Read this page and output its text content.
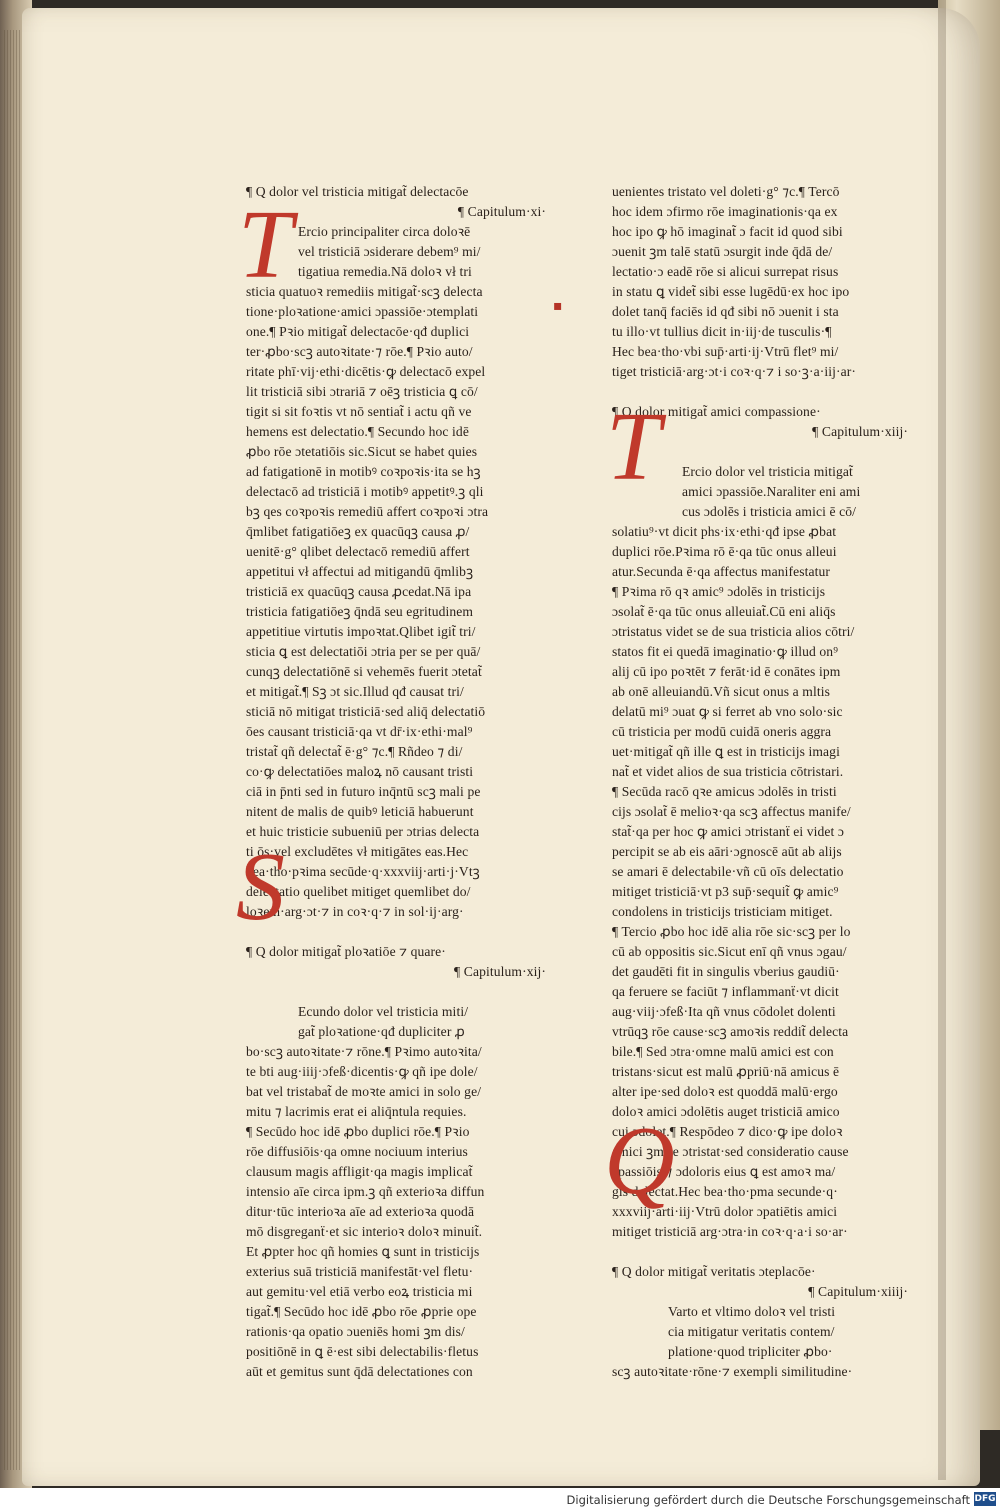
¶ Q dolor vel tristicia mitigat̃ delectacōe
¶ Capitulum·xi·
Ercio principaliter circa doloꝛē
vel tristiciā ɔsiderare debem⁹ mi/
tigatiua remedia.Nā doloꝛ vł tri
sticia quatuoꝛ remediis mitigat̃·scꝫ delecta
tione·ploꝛatione·amici ɔpassiōe·ɔtemplati
one.¶ Pꝛio mitigat̃ delectacōe·qđ duplici
ter·ꝓbo·scꝫ autoꝛitate·⁊ rōe.¶ Pꝛio auto/
ritate phī·vij·ethi·dicētis·ꝙ delectacō expel
lit tristiciā sibi ɔtrariā ⁊ oēꝫ tristicia ꝗ cō/
tigit si sit foꝛtis vt nō sentiat̃ i actu qñ ve
hemens est delectatio.¶ Secundo hoc idē
ꝓbo rōe ɔtetatiōis sic.Sicut se habet quies
ad fatigationē in motibꝰ coꝛpoꝛis·ita se hꝫ
delectacō ad tristiciā i motibꝰ appetitꝰ.ꝫ qli
bꝫ qes coꝛpoꝛis remediū affert coꝛpoꝛi ɔtra
q̄mlibet fatigatiōeꝫ ex quacūqꝫ causa ꝓ/
uenitē·g° qlibet delectacō remediū affert
appetitui vł affectui ad mitigandū q̄mlibꝫ
tristiciā ex quacūqꝫ causa ꝓcedat.Nā ipa
tristicia fatigatiōeꝫ q̄ndā seu egritudinem
appetitiue virtutis impoꝛtat.Qlibet igit̃ tri/
sticia ꝗ est delectatiōi ɔtria per se per quā/
cunqꝫ delectatiōnē si vehemēs fuerit ɔtetat̃
et mitigat̃.¶ Sꝫ ɔt sic.Illud qđ causat tri/
sticiā nō mitigat tristiciā·sed aliq̄ delectatiō
ōes causant tristiciā·qa vt dr̄·ix·ethi·mal⁹
tristat̃ qñ delectat̃ ē·g° ⁊c.¶ Rñdeo ⁊ di/
co·ꝙ delectatiōes maloꝝ nō causant tristi
ciā in p̄nti sed in futuro inq̄ntū scꝫ mali pe
nitent de malis de quibꝰ leticiā habuerunt
et huic tristicie subueniū per ɔtrias delecta
ti ōs·vel excludētes vł mitigātes eas.Hec
bea·tho·pꝛima secūde·q·xxxviij·arti·j·Vtꝫ
delectatio quelibet mitiget quemlibet do/
loꝛem·arg·ɔt·⁊ in coꝛ·q·⁊ in sol·ij·arg·
¶ Q dolor mitigat̃ ploꝛatiōe ⁊ quare·
¶ Capitulum·xij·
Ecundo dolor vel tristicia miti/
gat̃ ploꝛatione·qđ dupliciter ꝓ
bo·scꝫ autoꝛitate·⁊ rōne.¶ Pꝛimo autoꝛita/
te bti aug·iiij·ɔfeß·dicentis·ꝙ qñ ipe dole/
bat vel tristabat̃ de moꝛte amici in solo ge/
mitu ⁊ lacrimis erat ei aliq̄ntula requies.
¶ Secūdo hoc idē ꝓbo duplici rōe.¶ Pꝛio
rōe diffusiōis·qa omne nociuum interius
clausum magis affligit·qa magis implicat̃
intensio aīe circa ipm.ꝫ qñ exterioꝛa diffun
ditur·tūc interioꝛa aīe ad exterioꝛa quodā
mō disgreganẗ·et sic interioꝛ doloꝛ minuit̃.
Et ꝓpter hoc qñ homies ꝗ sunt in tristicijs
exterius suā tristiciā manifestāt·vel fletu·
aut gemitu·vel etiā verbo eoꝝ tristicia mi
tigat̃.¶ Secūdo hoc idē ꝓbo rōe ꝓprie ope
rationis·qa opatio ɔueniēs homi ꝫm dis/
positiōnē in ꝗ ē·est sibi delectabilis·fletus
aūt et gemitus sunt q̄dā delectationes con
uenientes tristato vel doleti·g° ⁊c.¶ Tercō
hoc idem ɔfirmo rōe imaginationis·qa ex
hoc ipo ꝙ hō imaginat̃ ɔ facit id quod sibi
ɔuenit ꝫm talē statū ɔsurgit inde q̄dā de/
lectatio·ɔ eadē rōe si alicui surrepat risus
in statu ꝗ videt̃ sibi esse lugēdū·ex hoc ipo
dolet tanq̄ faciēs id qđ sibi nō ɔuenit i sta
tu illo·vt tullius dicit in·iij·de tusculis·¶
Hec bea·tho·vbi sup̄·arti·ij·Vtrū flet⁹ mi/
tiget tristiciā·arg·ɔt·i coꝛ·q·⁊ i so·ꝫ·a·iij·ar·
¶ Q dolor mitigat̃ amici compassione·
¶ Capitulum·xiij·
Ercio dolor vel tristicia mitigat̃
amici ɔpassiōe.Naraliter eni ami
cus ɔdolēs i tristicia amici ē cō/
solatiu⁹·vt dicit phs·ix·ethi·qđ ipse ꝓbat
duplici rōe.Pꝛima rō ē·qa tūc onus alleui
atur.Secunda ē·qa affectus manifestatur
¶ Pꝛima rō qꝛ amic⁹ ɔdolēs in tristicijs
ɔsolat̃ ē·qa tūc onus alleuiat̃.Cū eni aliq̄s
ɔtristatus videt se de sua tristicia alios cōtri/
statos fit ei quedā imaginatio·ꝙ illud on⁹
alij cū ipo poꝛtēt ⁊ ferāt·id ē conātes ipm
ab onē alleuiandū.Vñ sicut onus a mltis
delatū mi⁹ ɔuat ꝙ si ferret ab vno solo·sic
cū tristicia per modū cuidā oneris aggra
uet·mitigat̃ qñ ille ꝗ est in tristicijs imagi
nat̃ et videt alios de sua tristicia cōtristari.
¶ Secūda racō qꝛe amicus ɔdolēs in tristi
cijs ɔsolat̃ ē melioꝛ·qa scꝫ affectus manife/
stat̃·qa per hoc ꝙ amici ɔtristanẗ ei videt ɔ
percipit se ab eis aāri·ɔgnoscē aūt ab alijs
se amari ē delectabile·vñ cū oīs delectatio
mitiget tristiciā·vt p3 sup̄·sequit̃ ꝙ amic⁹
condolens in tristicijs tristiciam mitiget.
¶ Tercio ꝓbo hoc idē alia rōe sic·scꝫ per lo
cū ab oppositis sic.Sicut enī qñ vnus ɔgau/
det gaudēti fit in singulis vberius gaudiū·
qa feruere se faciūt ⁊ inflammanẗ·vt dicit
aug·viij·ɔfeß·Ita qñ vnus cōdolet dolenti
vtrūqꝫ rōe cause·scꝫ amoꝛis reddit̃ delecta
bile.¶ Sed ɔtra·omne malū amici est con
tristans·sicut est malū ꝓpriū·nā amicus ē
alter ipe·sed doloꝛ est quoddā malū·ergo
doloꝛ amici ɔdolētis auget tristiciā amico
cui ɔdolet.¶ Respōdeo ⁊ dico·ꝙ ipe doloꝛ
amici ꝫm se ɔtristat·sed consideratio cause
ɔpassiōis ⁊ ɔdoloris eius ꝗ est amoꝛ ma/
gis delectat.Hec bea·tho·pma secunde·q·
xxxviij·arti·iij·Vtrū dolor ɔpatiētis amici
mitiget tristiciā arg·ɔtra·in coꝛ·q·a·i so·ar·
¶ Q dolor mitigat̃ veritatis ɔteplacōe·
¶ Capitulum·xiiij·
Varto et vltimo doloꝛ vel tristi
cia mitigatur veritatis contem/
platione·quod tripliciter ꝓbo·
scꝫ autoꝛitate·rōne·⁊ exempli similitudine·
T
S
T
Q
▪
Digitalisierung gefördert durch die Deutsche Forschungsgemeinschaft DFG
